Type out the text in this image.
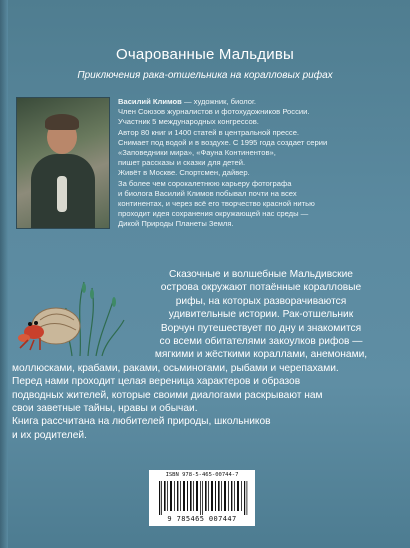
Очарованные Мальдивы
Приключения рака-отшельника на коралловых рифах
Василий Климов — художник, биолог.
Член Союзов журналистов и фотохудожников России.
Участник 5 международных конгрессов.
Автор 80 книг и 1400 статей в центральной прессе.
Снимает под водой и в воздухе. С 1995 года создает серии
«Заповедники мира», «Фауна Континентов»,
пишет рассказы и сказки для детей.
Живёт в Москве. Спортсмен, дайвер.
За более чем сорокалетнюю карьеру фотографа
и биолога Василий Климов побывал почти на всех
континентах, и через всё его творчество красной нитью
проходит идея сохранения окружающей нас среды —
Дикой Природы Планеты Земля.
Сказочные и волшебные Мальдивские
острова окружают потаённые коралловые
рифы, на которых разворачиваются
удивительные истории. Рак-отшельник
Ворчун путешествует по дну и знакомится
со всеми обитателями закоулков рифов —
мягкими и жёсткими кораллами, анемонами,
моллюсками, крабами, раками, осьминогами, рыбами и черепахами.
Перед нами проходит целая вереница характеров и образов
подводных жителей, которые своими диалогами раскрывают нам
свои заветные тайны, нравы и обычаи.
Книга рассчитана на любителей природы, школьников
и их родителей.
ISBN 978-5-465-00744-7
9 785465 007447
